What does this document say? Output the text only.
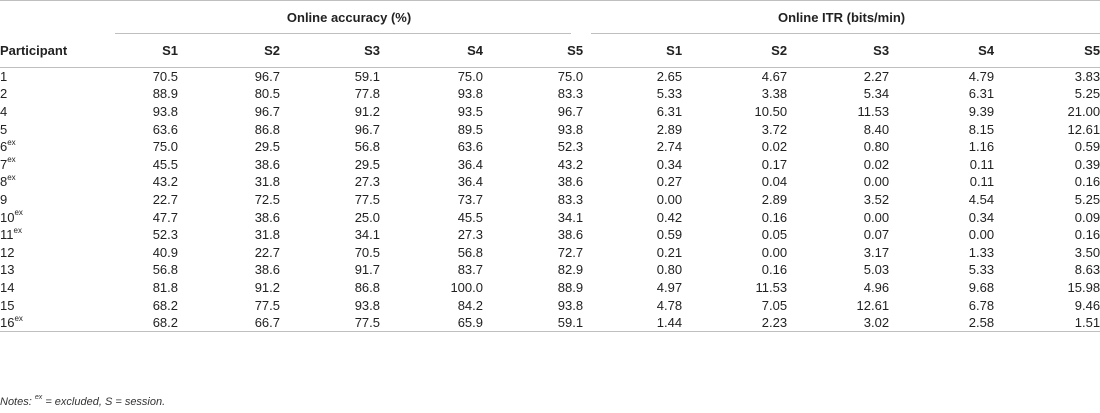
	Online accuracy (%)					Online ITR (bits/min)				

Participant	S1	S2	S3	S4	S5	S1	S2	S3	S4	S5
1	70.5	96.7	59.1	75.0	75.0	2.65	4.67	2.27	4.79	3.83
2	88.9	80.5	77.8	93.8	83.3	5.33	3.38	5.34	6.31	5.25
4	93.8	96.7	91.2	93.5	96.7	6.31	10.50	11.53	9.39	21.00
5	63.6	86.8	96.7	89.5	93.8	2.89	3.72	8.40	8.15	12.61
$6^{ex}$	75.0	29.5	56.8	63.6	52.3	2.74	0.02	0.80	1.16	0.59
$7^{ex}$	45.5	38.6	29.5	36.4	43.2	0.34	0.17	0.02	0.11	0.39
$8^{ex}$	43.2	31.8	27.3	36.4	38.6	0.27	0.04	0.00	0.11	0.16
9	22.7	72.5	77.5	73.7	83.3	0.00	2.89	3.52	4.54	5.25
$10^{ex}$	47.7	38.6	25.0	45.5	34.1	0.42	0.16	0.00	0.34	0.09
$11^{ex}$	52.3	31.8	34.1	27.3	38.6	0.59	0.05	0.07	0.00	0.16
12	40.9	22.7	70.5	56.8	72.7	0.21	0.00	3.17	1.33	3.50
13	56.8	38.6	91.7	83.7	82.9	0.80	0.16	5.03	5.33	8.63
14	81.8	91.2	86.8	100.0	88.9	4.97	11.53	4.96	9.68	15.98
15	68.2	77.5	93.8	84.2	93.8	4.78	7.05	12.61	6.78	9.46
$16^{ex}$	68.2	66.7	77.5	65.9	59.1	1.44	2.23	3.02	2.58	1.51
Notes: $^{ex}$ = excluded, S = session.
